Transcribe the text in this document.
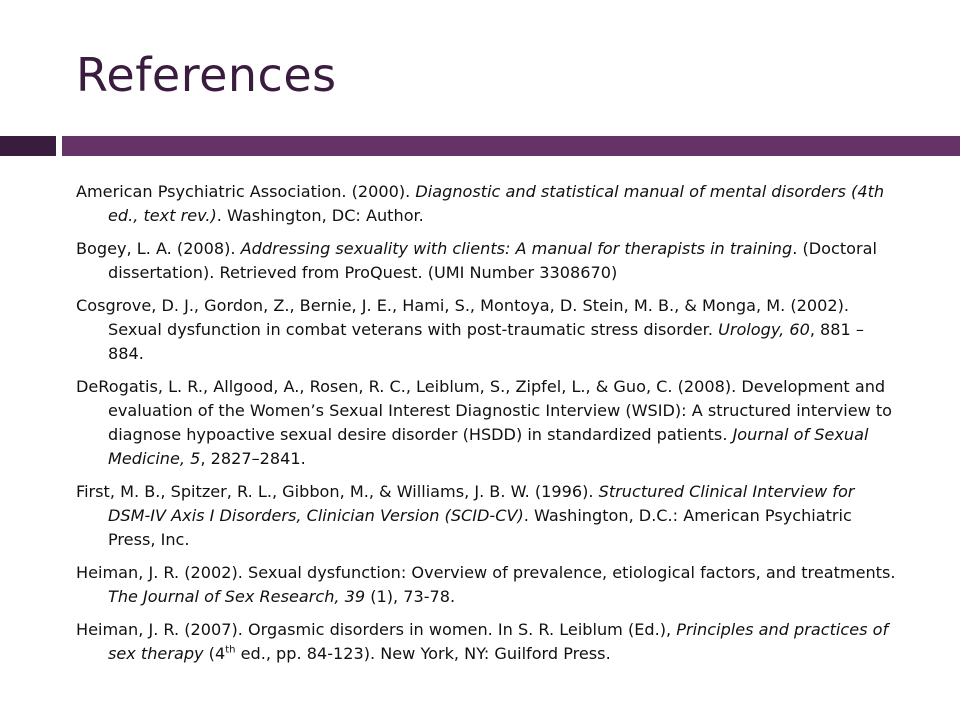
References

American Psychiatric Association. (2000). Diagnostic and statistical manual of mental disorders (4th ed., text rev.). Washington, DC: Author.

Bogey, L. A. (2008). Addressing sexuality with clients: A manual for therapists in training. (Doctoral dissertation). Retrieved from ProQuest. (UMI Number 3308670)

Cosgrove, D. J., Gordon, Z., Bernie, J. E., Hami, S., Montoya, D. Stein, M. B., & Monga, M. (2002). Sexual dysfunction in combat veterans with post-traumatic stress disorder. Urology, 60, 881 – 884.

DeRogatis, L. R., Allgood, A., Rosen, R. C., Leiblum, S., Zipfel, L., & Guo, C. (2008). Development and evaluation of the Women’s Sexual Interest Diagnostic Interview (WSID): A structured interview to diagnose hypoactive sexual desire disorder (HSDD) in standardized patients. Journal of Sexual Medicine, 5, 2827–2841.

First, M. B., Spitzer, R. L., Gibbon, M., & Williams, J. B. W. (1996). Structured Clinical Interview for DSM-IV Axis I Disorders, Clinician Version (SCID-CV). Washington, D.C.: American Psychiatric Press, Inc.

Heiman, J. R. (2002). Sexual dysfunction: Overview of prevalence, etiological factors, and treatments. The Journal of Sex Research, 39 (1), 73-78.

Heiman, J. R. (2007). Orgasmic disorders in women. In S. R. Leiblum (Ed.), Principles and practices of sex therapy (4th ed., pp. 84-123). New York, NY: Guilford Press.
